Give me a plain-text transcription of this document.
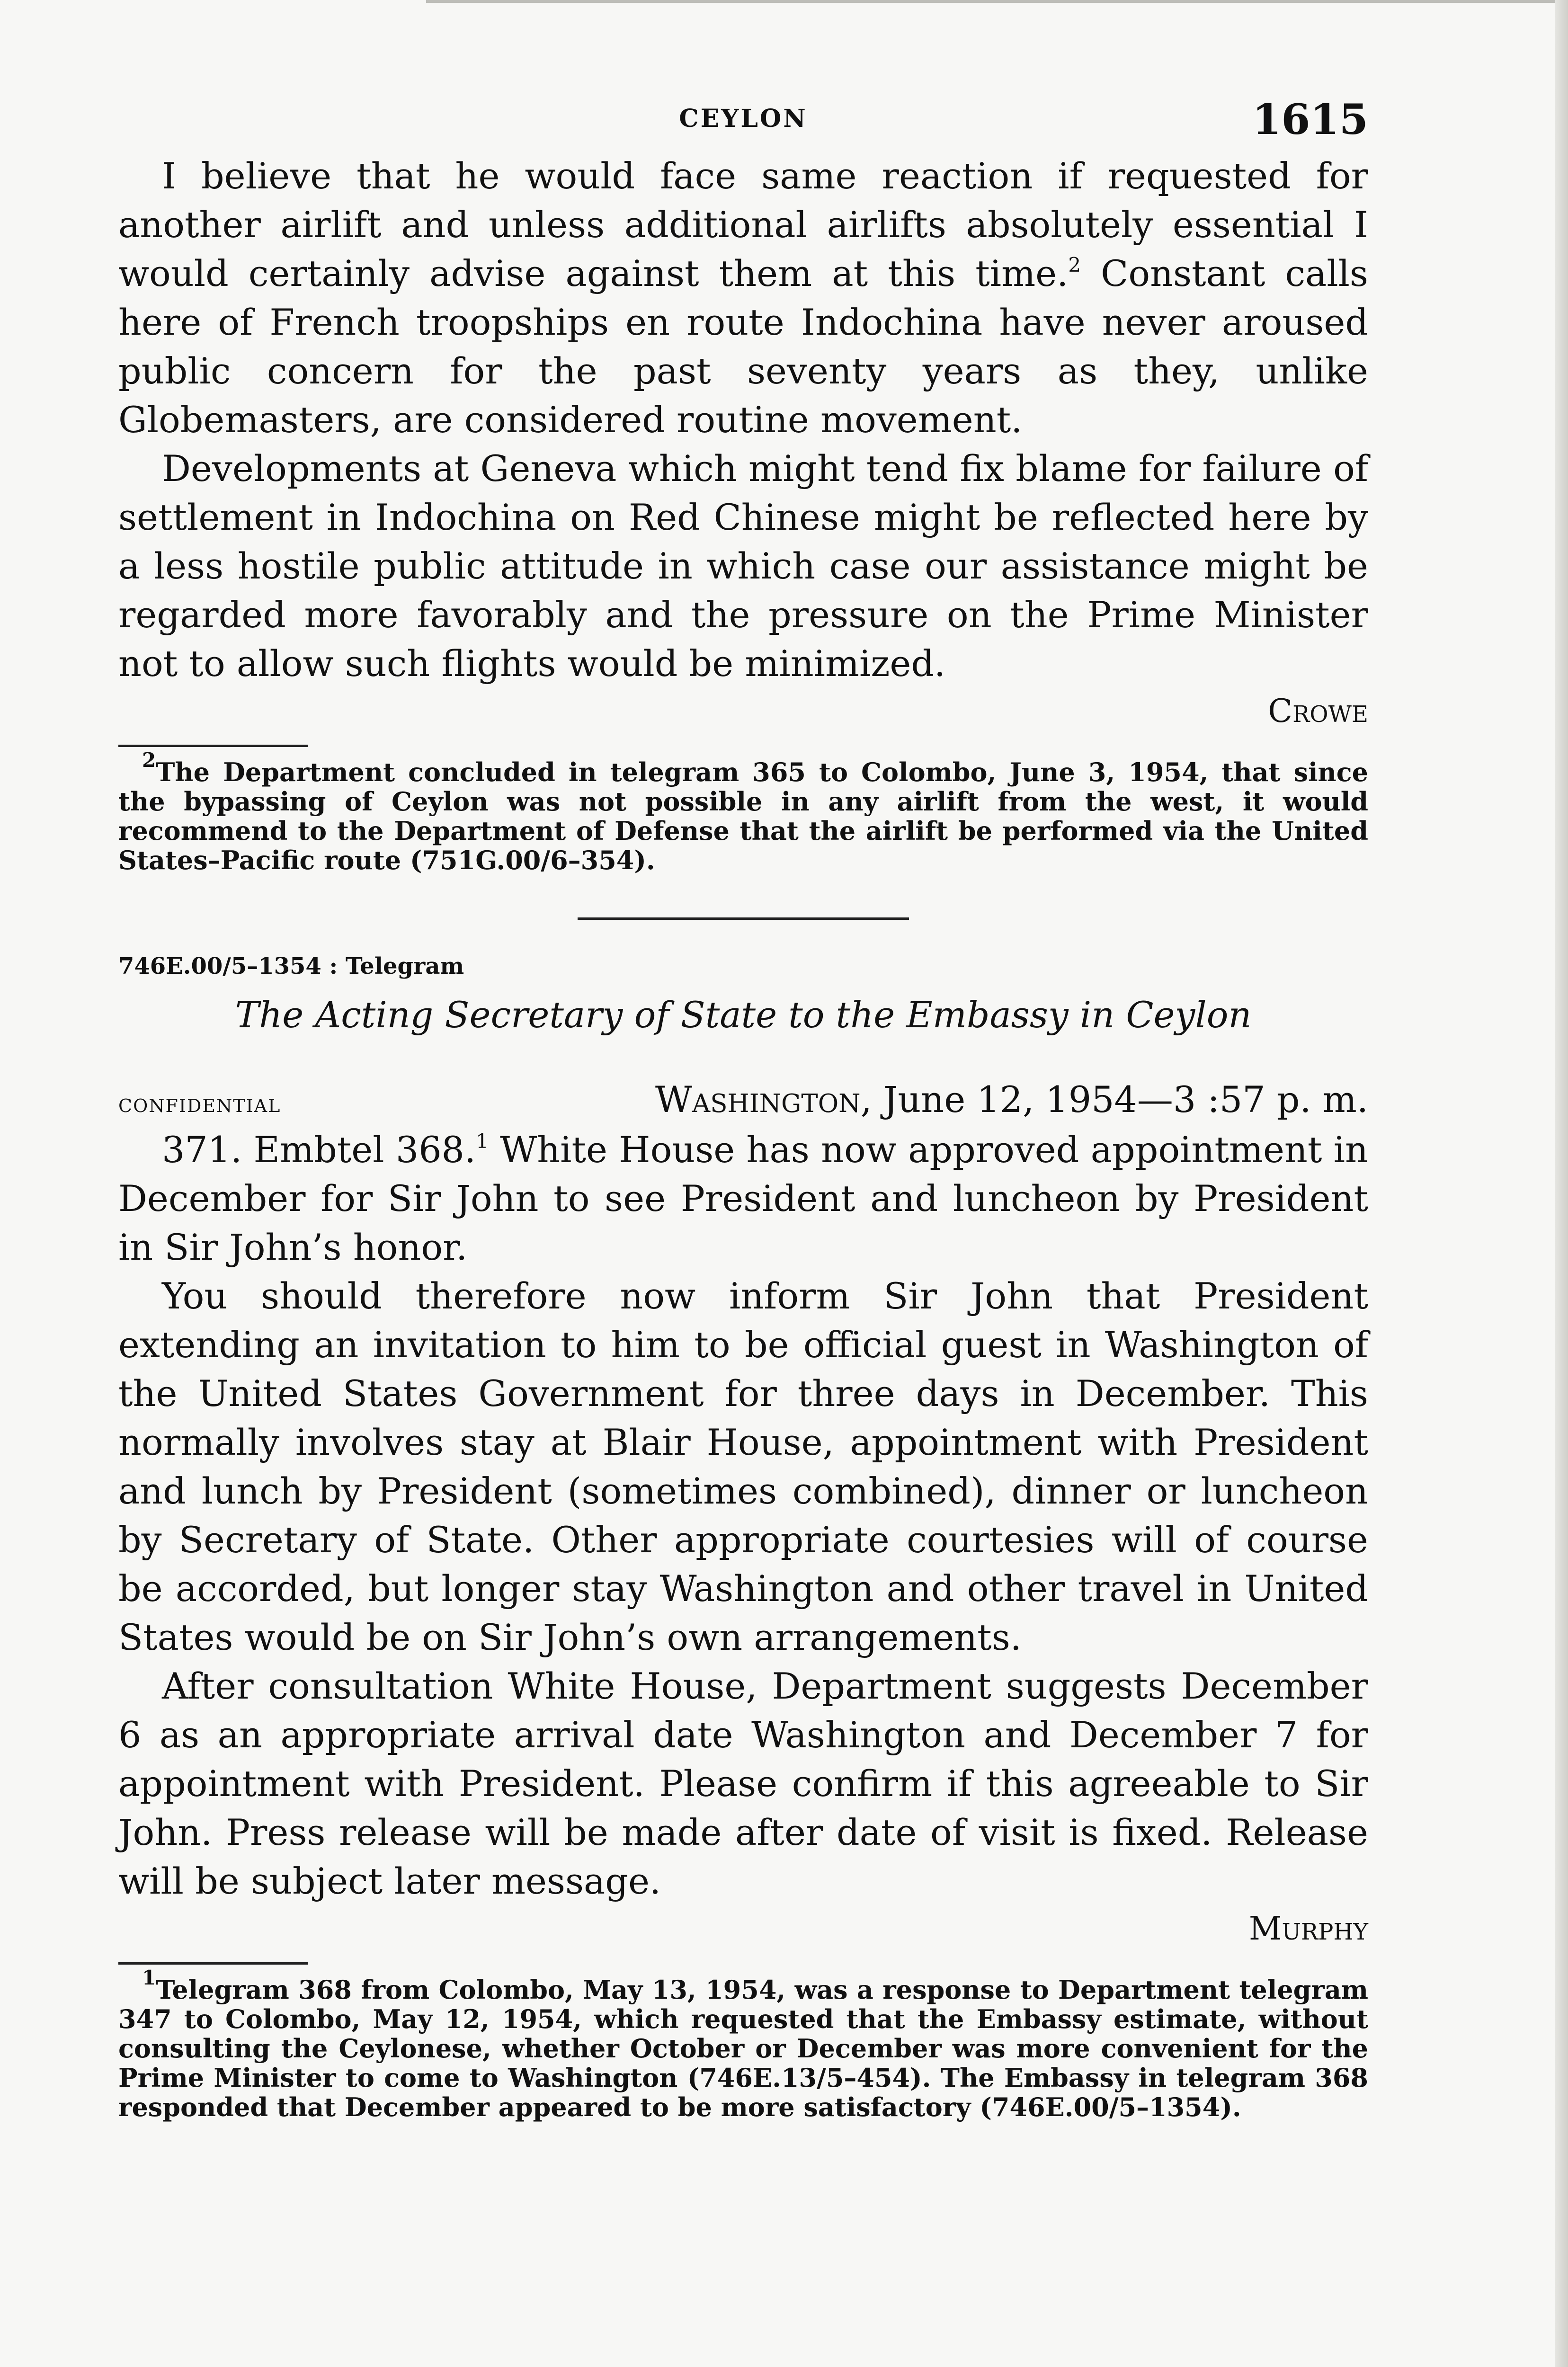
CEYLON	1615

I believe that he would face same reaction if requested for another airlift and unless additional airlifts absolutely essential I would certainly advise against them at this time.$^2$ Constant calls here of French troopships en route Indochina have never aroused public concern for the past seventy years as they, unlike Globemasters, are considered routine movement.

Developments at Geneva which might tend fix blame for failure of settlement in Indochina on Red Chinese might be reflected here by a less hostile public attitude in which case our assistance might be regarded more favorably and the pressure on the Prime Minister not to allow such flights would be minimized.

Crowe

$^2$The Department concluded in telegram 365 to Colombo, June 3, 1954, that since the bypassing of Ceylon was not possible in any airlift from the west, it would recommend to the Department of Defense that the airlift be performed via the United States–Pacific route (751G.00/6–354).

746E.00/5–1354 : Telegram
The Acting Secretary of State to the Embassy in Ceylon
confidential	Washington, June 12, 1954—3 :57 p. m.

371. Embtel 368.$^1$ White House has now approved appointment in December for Sir John to see President and luncheon by President in Sir John’s honor.

You should therefore now inform Sir John that President extending an invitation to him to be official guest in Washington of the United States Government for three days in December. This normally involves stay at Blair House, appointment with President and lunch by President (sometimes combined), dinner or luncheon by Secretary of State. Other appropriate courtesies will of course be accorded, but longer stay Washington and other travel in United States would be on Sir John’s own arrangements.

After consultation White House, Department suggests December 6 as an appropriate arrival date Washington and December 7 for appointment with President. Please confirm if this agreeable to Sir John. Press release will be made after date of visit is fixed. Release will be subject later message.

Murphy

$^1$Telegram 368 from Colombo, May 13, 1954, was a response to Department telegram 347 to Colombo, May 12, 1954, which requested that the Embassy estimate, without consulting the Ceylonese, whether October or December was more convenient for the Prime Minister to come to Washington (746E.13/5–454). The Embassy in telegram 368 responded that December appeared to be more satisfactory (746E.00/5–1354).
